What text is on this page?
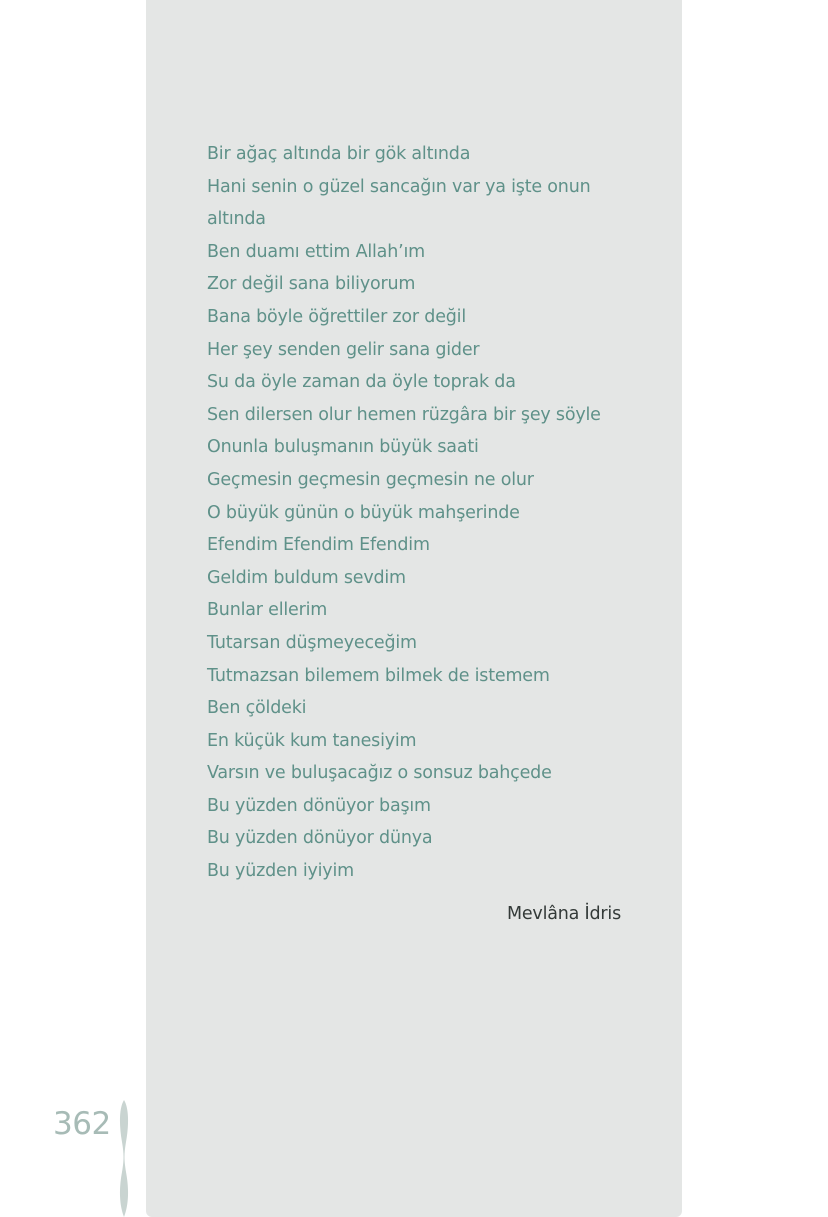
Bir ağaç altında bir gök altında
Hani senin o güzel sancağın var ya işte onun
altında
Ben duamı ettim Allah’ım
Zor değil sana biliyorum
Bana böyle öğrettiler zor değil
Her şey senden gelir sana gider
Su da öyle zaman da öyle toprak da
Sen dilersen olur hemen rüzgâra bir şey söyle
Onunla buluşmanın büyük saati
Geçmesin geçmesin geçmesin ne olur
O büyük günün o büyük mahşerinde
Efendim Efendim Efendim
Geldim buldum sevdim
Bunlar ellerim
Tutarsan düşmeyeceğim
Tutmazsan bilemem bilmek de istemem
Ben çöldeki
En küçük kum tanesiyim
Varsın ve buluşacağız o sonsuz bahçede
Bu yüzden dönüyor başım
Bu yüzden dönüyor dünya
Bu yüzden iyiyim
Mevlâna İdris
362
